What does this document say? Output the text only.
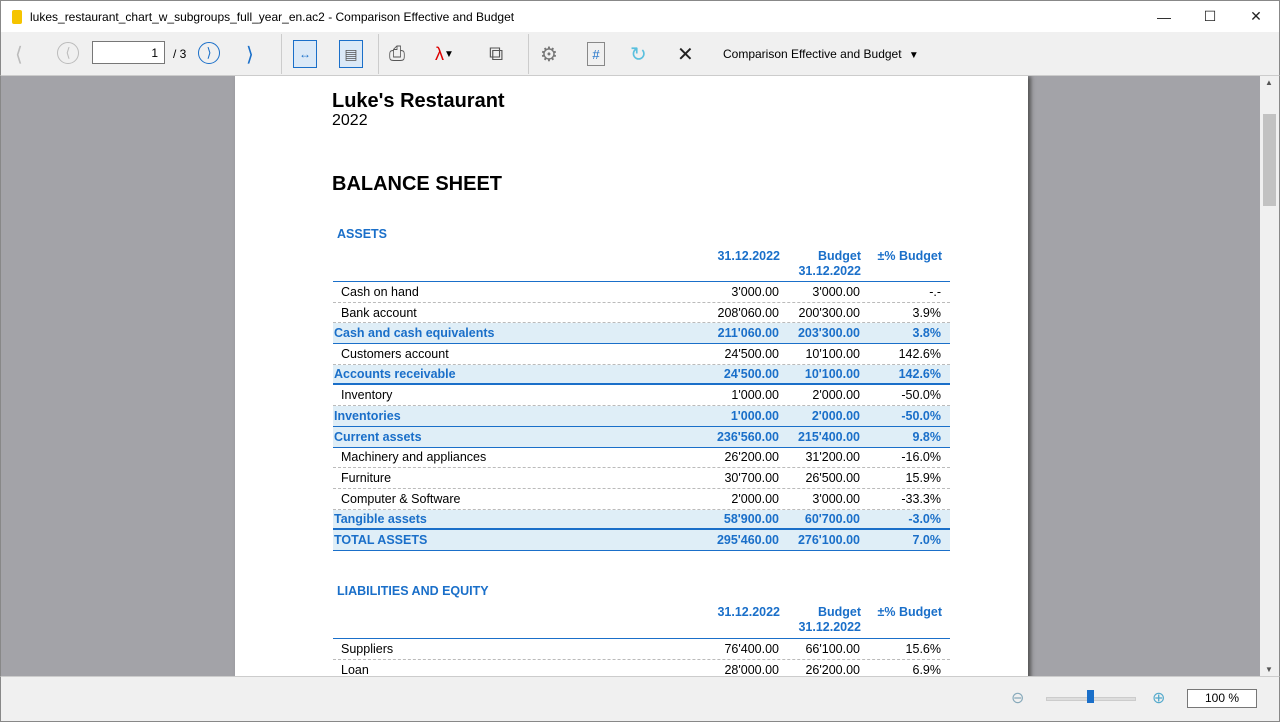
lukes_restaurant_chart_w_subgroups_full_year_en.ac2 - Comparison Effective and Budget	—	☐	✕
⟨	⟨	1	/ 3	⟩	⟩	↔	▤ ⎙ λ ▼ ⧉ ⚙	# ↻ ✕ Comparison Effective and Budget ▼
Luke's Restaurant
2022
BALANCE SHEET
ASSETS
31.12.2022	Budget
31.12.2022
±% Budget
Cash on hand	3'000.00	3'000.00	-.-
Bank account	208'060.00 200'300.00	3.9%
Cash and cash equivalents	211'060.00 203'300.00	3.8%
Customers account	24'500.00 10'100.00	142.6%
Accounts receivable	24'500.00 10'100.00	142.6%
Inventory	1'000.00	2'000.00	-50.0%
Inventories	1'000.00	2'000.00	-50.0%
Current assets	236'560.00 215'400.00	9.8%
Machinery and appliances	26'200.00 31'200.00	-16.0%
Furniture	30'700.00 26'500.00	15.9%
Computer & Software	2'000.00	3'000.00	-33.3%
Tangible assets	58'900.00 60'700.00	-3.0%
TOTAL ASSETS	295'460.00 276'100.00	7.0%
LIABILITIES AND EQUITY
31.12.2022	Budget
31.12.2022
±% Budget
Suppliers	76'400.00 66'100.00	15.6%
Loan	28'000.00 26'200.00	6.9%
▲
▼
⊖	⊕	100 %
